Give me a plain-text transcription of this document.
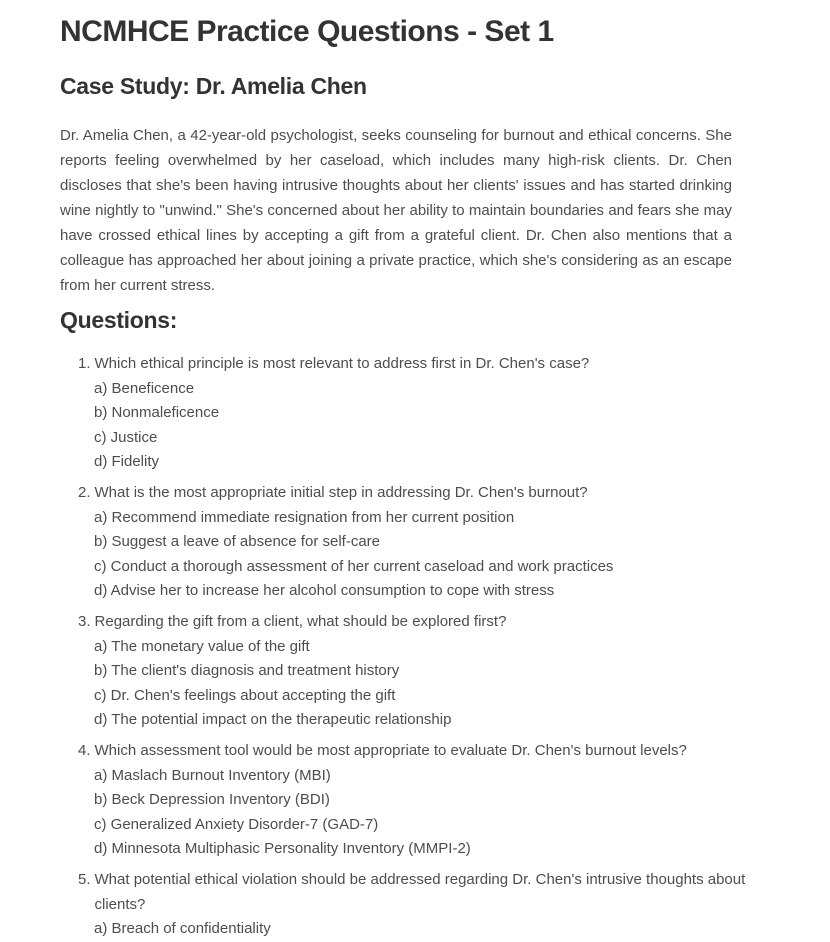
NCMHCE Practice Questions - Set 1
Case Study: Dr. Amelia Chen

Dr. Amelia Chen, a 42-year-old psychologist, seeks counseling for burnout and ethical concerns. She reports feeling overwhelmed by her caseload, which includes many high-risk clients. Dr. Chen discloses that she's been having intrusive thoughts about her clients' issues and has started drinking wine nightly to "unwind." She's concerned about her ability to maintain boundaries and fears she may have crossed ethical lines by accepting a gift from a grateful client. Dr. Chen also mentions that a colleague has approached her about joining a private practice, which she's considering as an escape from her current stress.

Questions:
1. Which ethical principle is most relevant to address first in Dr. Chen's case?
a) Beneficence
b) Nonmaleficence
c) Justice
d) Fidelity
2. What is the most appropriate initial step in addressing Dr. Chen's burnout?
a) Recommend immediate resignation from her current position
b) Suggest a leave of absence for self-care
c) Conduct a thorough assessment of her current caseload and work practices
d) Advise her to increase her alcohol consumption to cope with stress
3. Regarding the gift from a client, what should be explored first?
a) The monetary value of the gift
b) The client's diagnosis and treatment history
c) Dr. Chen's feelings about accepting the gift
d) The potential impact on the therapeutic relationship
4. Which assessment tool would be most appropriate to evaluate Dr. Chen's burnout levels?
a) Maslach Burnout Inventory (MBI)
b) Beck Depression Inventory (BDI)
c) Generalized Anxiety Disorder-7 (GAD-7)
d) Minnesota Multiphasic Personality Inventory (MMPI-2)
5. What potential ethical violation should be addressed regarding Dr. Chen's intrusive thoughts about clients?
a) Breach of confidentiality
